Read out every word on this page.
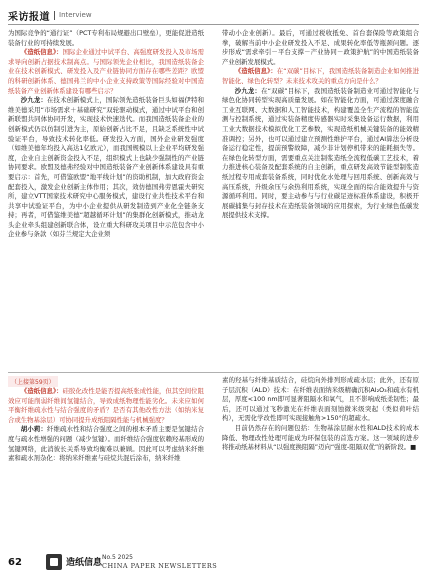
采访报道 Interview

为国际竞争的“通行证”（PCT专利布局规避出口壁垒），更能促进造纸装备行业的可持续发展。

《造纸信息》：国际企业通过中试平台、高强度研发投入及市场需求导向创新占据技术制高点。与国际领先企业相比，我国造纸装备企业在技术创新模式、研发投入及产业链协同方面存在哪些差距？欧盟的科研创新体系、德国弗兰的中小企业支持政策等国际经验对中国造纸装备产业创新体系建设有哪些启示？

沙九龙：在技术创新模式上，国际领先造纸装备巨头如福伊特和维美德采用“市场需求＋基础研究”双轮驱动模式，通过中试平台和创新联盟共同体协同开发，实现技术快速迭代。而我国造纸装备企业的创新模式仍以仿制引进为主，原始创新占比不足，且缺乏系统性中试验证平台，导致技术转化率低。研发投入方面，国外企业研发强度（如维美德年均投入高达1亿欧元），而我国规模以上企业平均研发强度，企业自主创新资金投入不足，组织模式上也缺少强制性的产业链协同要求。欧盟及德弗经验对中国造纸装备产业创新体系建设具有重要启示：首先，可借鉴欧盟“地平线计划”的资助机制，加大政府资金配套投入，激发企业创新主体作用；其次，效仿德国弗劳恩霍夫研究所，建立VTT国家技术研究中心服务模式，建设行业共性技术平台和共享中试验证平台，为中小企业提供从研发制造到产业化全链条支持；再者，可借鉴维美德“超越循环计划”的集群化创新模式，推动龙头企业牵头组建创新联合体，设立重大科研攻关项目中示范包含中小企业参与条款（如芬兰规定大企业须

带动小企业创新）。最后，可通过税收抵免、首台套保险等政策组合拳，破解当前中小企业研发投入不足、成果转化率低等瓶颈问题。逐步形成“需求牵引－平台支撑－产业协同－政策护航”的中国造纸装备产业创新发展模式。

《造纸信息》：在“双碳”目标下，我国造纸装备制造企业如何推进智能化、绿色化转型？未来技术攻关的重点方向是什么？

沙九龙：在“双碳”目标下，我国造纸装备制造业可通过智能化与绿色化协同转型实现高质量发展。如在智能化方面，可通过深度融合工业互联网、大数据和人工智能技术，构建覆盖全生产流程的智能监测与控制系统，通过实装备精度传感器实时采集设备运行数据，利用工业大数据技术模拟优化工艺参数，实现造纸机械关键装备的能效精准调控；另外，也可以通过建立预测性维护平台，通过AI算法分析设备运行稳定性，提前预警故障，减少非计划停机带来的能耗损失等。在绿色化转型方面，需要重点关注制浆造纸全流程低碳工艺技术，着力推进核心装备及配套系统的自主创新，重点研发高效节能型制浆造纸过程专用成套装备系统，同时优化水处理与回用系统、创新高效与高压系统，升级余压与余热利用系统，实现全面的综合能效提升与资源循环利用。同时，要主动参与与行业碳足迹标准体系建设，积极开展碳捕集与封存技术在造纸装备领域的应用探索，为行业绿色低碳发展提供技术支撑。

（上接第59页）

《造纸信息》：硅胶化改性是能否提高纸张成性能，但其空间位阻效应可能削弱纤维间氢键结合，导致成纸物理性能劣化。未来应如何平衡纤维疏水性与结合强度的矛盾？是否有其他改性方法（如纳米复合或生物基涂层）可协同提升成纸阻隔性能与机械强度？

胡小莉：纤维疏水性和结合强度之间的根本矛盾主要是氢键结合度与疏水性增强的问题（减少氢键）。而纤维结合强度依赖羟基形成的氢键网络，此消彼长关系导致均衡难以兼顾。因此可以考虑纳米纤维素和疏水剂杂化：将纳米纤维素与硅烷共混后涂布，纳米纤维

素的羟基与纤维基质结合，硅烷向外排列形成疏水层；此外，还有原子层沉积（ALD）技术：在纤维表面纳米级精确沉积Al₂O₃和疏水有机层，厚度<100 nm即可显著阻隔水和氧气，且不影响成纸柔韧性；最后，还可以通过飞秒激光在纤维表面刻蚀微米级突起（类似荷叶结构），无需化学改性即可实现接触角>150°的超疏水。

目前仍然存在的问题包括：生物基涂层耐水性和ALD技术的成本降低、物理改性处理可能成为环保包装的首选方案。这一领域的进步将推动纸基材料从“以强度换阻隔”迈向“强度-阻隔双优”的新阶段。■

62	造纸信息
No.5 2025
CHINA PAPER NEWSLETTERS
